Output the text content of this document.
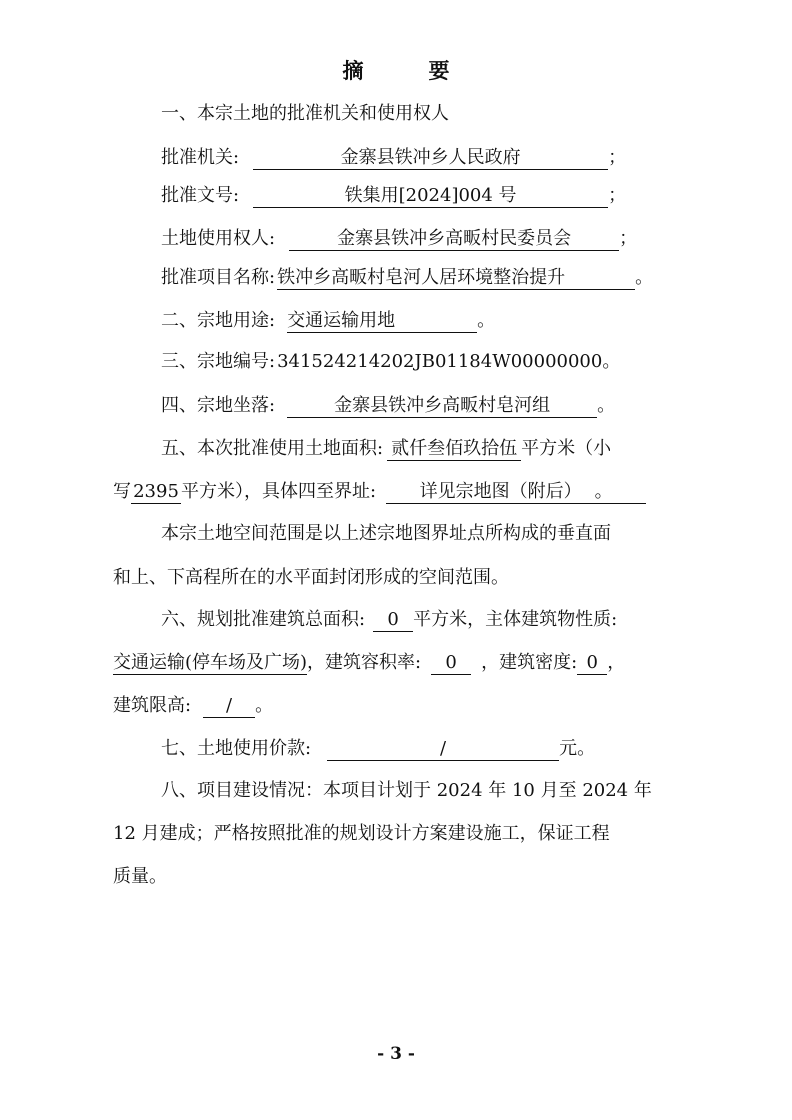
摘　要
一、本宗土地的批准机关和使用权人
批准机关:	金寨县铁冲乡人民政府	；
批准文号:	铁集用[2024]004 号	；
土地使用权人:	金寨县铁冲乡高畈村民委员会	；
批准项目名称: 铁冲乡高畈村皂河人居环境整治提升	。
二、宗地用途: 交通运输用地	。
三、宗地编号: 341524214202JB01184W00000000。
四、宗地坐落:	金寨县铁冲乡高畈村皂河组	。
五、本次批准使用土地面积: 贰仟叁佰玖拾伍 平方米（小
写 2395 平方米），具体四至界址: 详见宗地图（附后） 。
本宗土地空间范围是以上述宗地图界址点所构成的垂直面
和上、下高程所在的水平面封闭形成的空间范围。
六、规划批准建筑总面积: 0 平方米，主体建筑物性质:
交通运输(停车场及广场)，建筑容积率: 0 ，建筑密度: 0 ，
建筑限高: / 。
七、土地使用价款:	/	元。
八、项目建设情况：本项目计划于 2024 年 10 月至 2024 年
12 月建成；严格按照批准的规划设计方案建设施工，保证工程
质量。
- 3 -
